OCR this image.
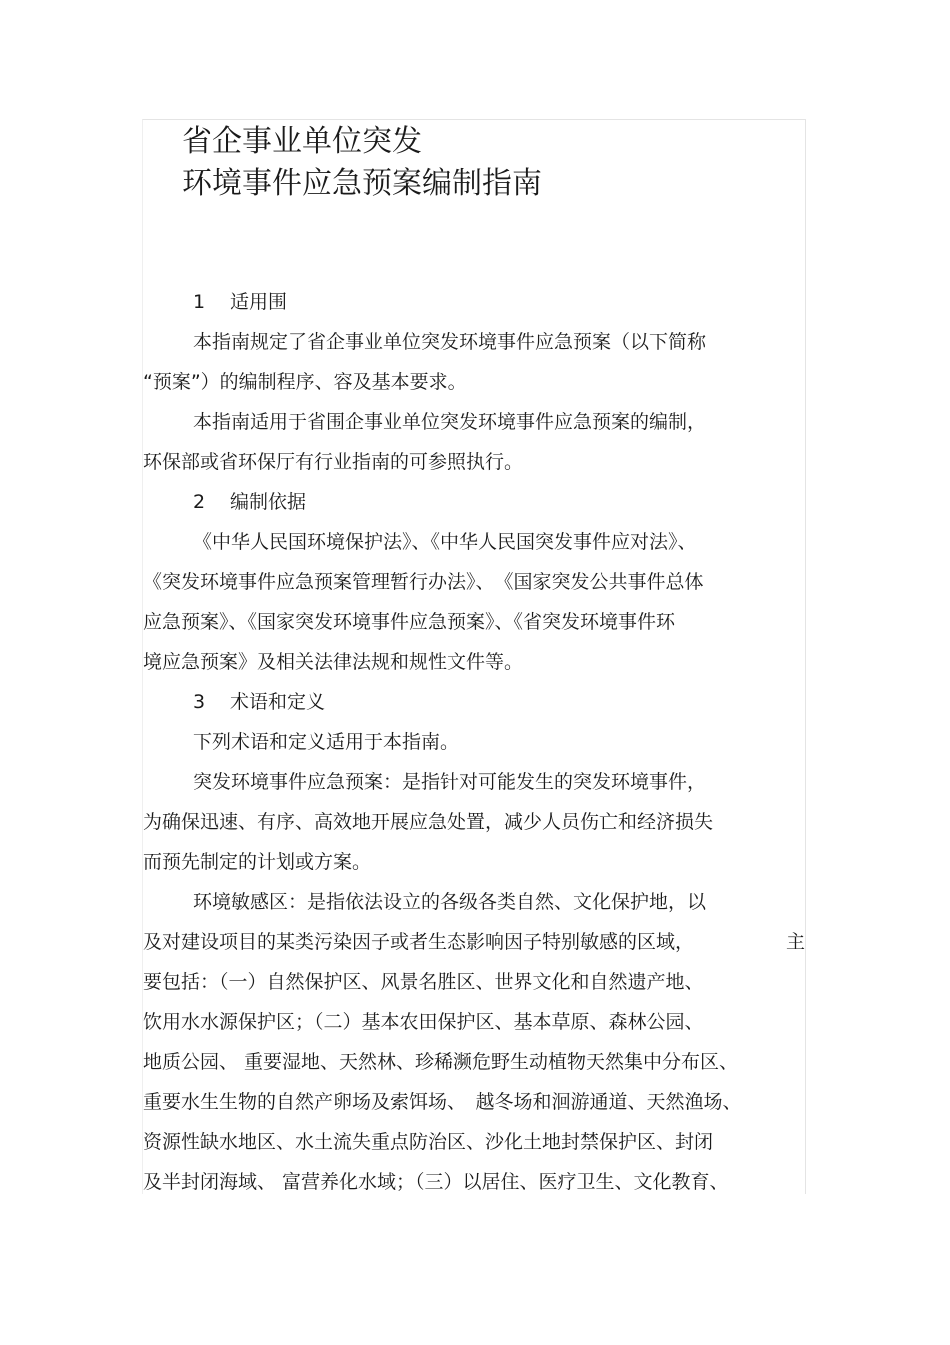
省企事业单位突发
环境事件应急预案编制指南
1 适用围
本指南规定了省企事业单位突发环境事件应急预案（以下简称
“预案”）的编制程序、容及基本要求。
本指南适用于省围企事业单位突发环境事件应急预案的编制，
环保部或省环保厅有行业指南的可参照执行。
2 编制依据
《中华人民国环境保护法》、《中华人民国突发事件应对法》、
《突发环境事件应急预案管理暂行办法》、　《国家突发公共事件总体
应急预案》、《国家突发环境事件应急预案》、《省突发环境事件环
境应急预案》及相关法律法规和规性文件等。
3 术语和定义
下列术语和定义适用于本指南。
突发环境事件应急预案：是指针对可能发生的突发环境事件，
为确保迅速、有序、高效地开展应急处置，减少人员伤亡和经济损失
而预先制定的计划或方案。
环境敏感区：是指依法设立的各级各类自然、文化保护地，以
及对建设项目的某类污染因子或者生态影响因子特别敏感的区域，	主
要包括：（一）自然保护区、风景名胜区、世界文化和自然遗产地、
饮用水水源保护区；（二）基本农田保护区、基本草原、森林公园、
地质公园、 重要湿地、天然林、珍稀濒危野生动植物天然集中分布区、
重要水生生物的自然产卵场及索饵场、　越冬场和洄游通道、天然渔场、
资源性缺水地区、水土流失重点防治区、沙化土地封禁保护区、封闭
及半封闭海域、 富营养化水域；（三）以居住、医疗卫生、文化教育、
